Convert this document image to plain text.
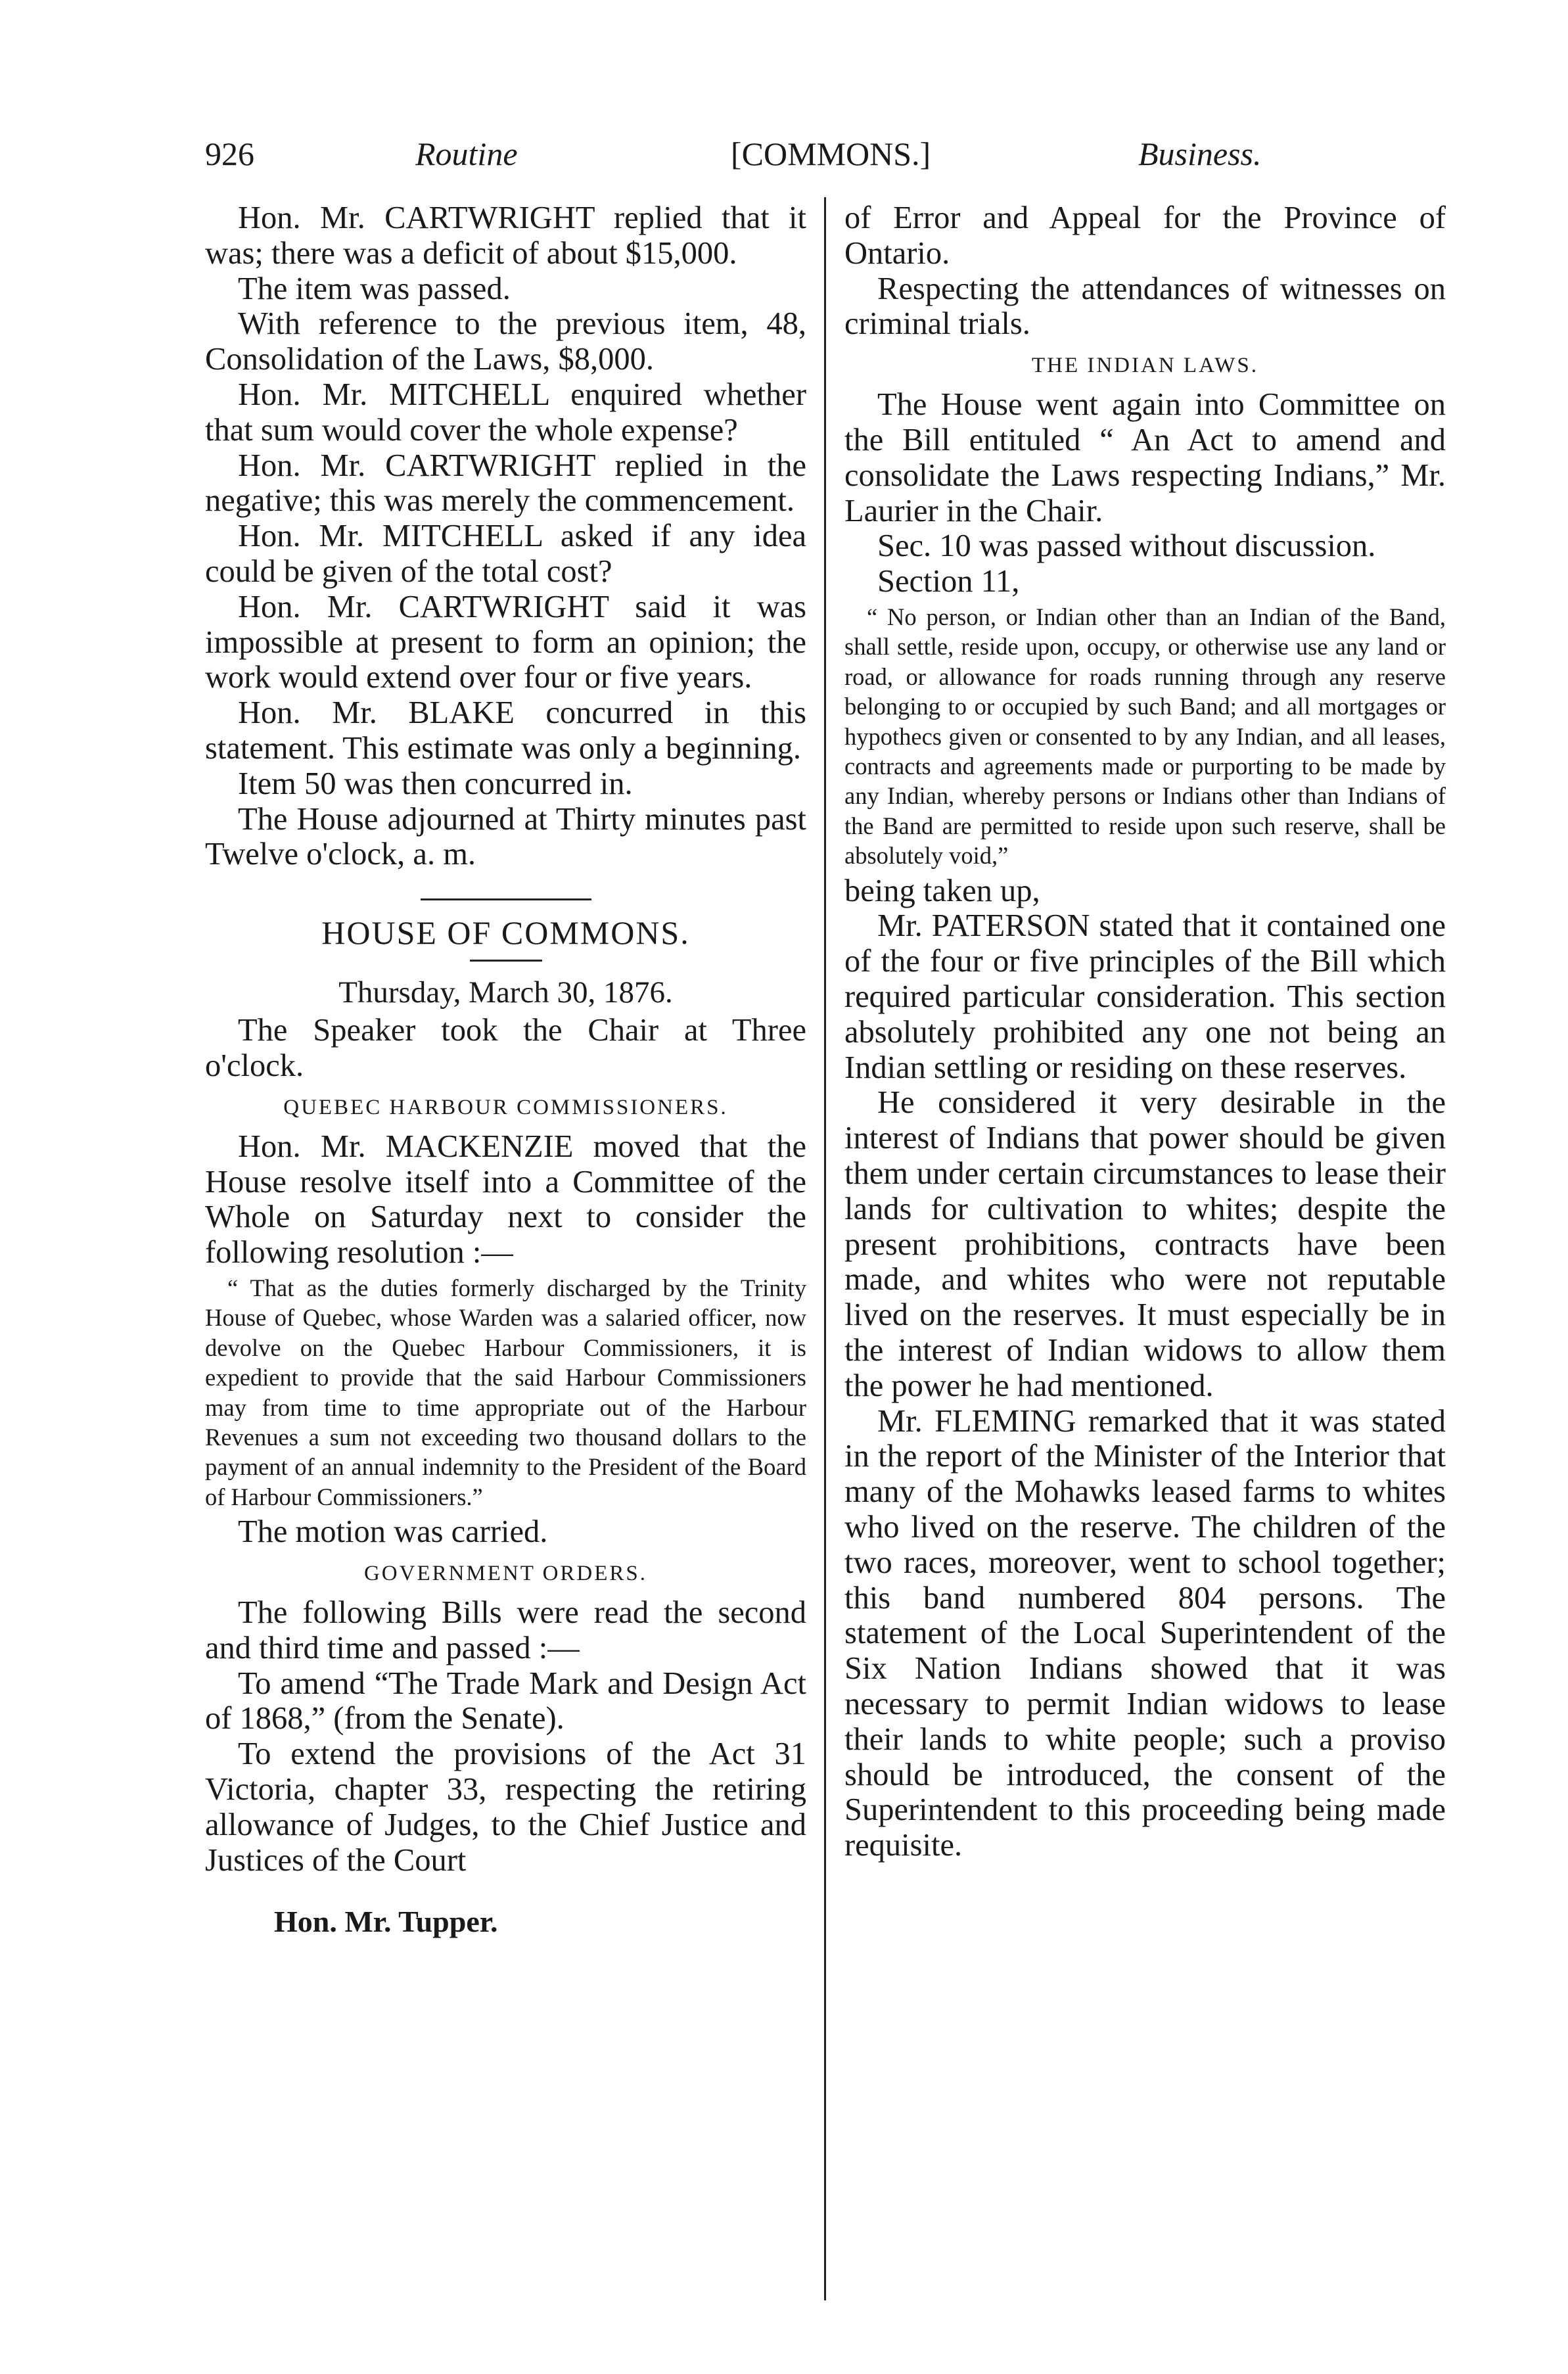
926	Routine	[COMMONS.]	Business.

Hon. Mr. CARTWRIGHT replied that it was; there was a deficit of about $15,000.

The item was passed.

With reference to the previous item, 48, Consolidation of the Laws, $8,000.

Hon. Mr. MITCHELL enquired whether that sum would cover the whole expense?

Hon. Mr. CARTWRIGHT replied in the negative; this was merely the commencement.

Hon. Mr. MITCHELL asked if any idea could be given of the total cost?

Hon. Mr. CARTWRIGHT said it was impossible at present to form an opinion; the work would extend over four or five years.

Hon. Mr. BLAKE concurred in this statement. This estimate was only a beginning.

Item 50 was then concurred in.

The House adjourned at Thirty minutes past Twelve o'clock, a. m.

HOUSE OF COMMONS.
Thursday, March 30, 1876.

The Speaker took the Chair at Three o'clock.

QUEBEC HARBOUR COMMISSIONERS.

Hon. Mr. MACKENZIE moved that the House resolve itself into a Committee of the Whole on Saturday next to consider the following resolution :—

“ That as the duties formerly discharged by the Trinity House of Quebec, whose Warden was a salaried officer, now devolve on the Quebec Harbour Commissioners, it is expedient to provide that the said Harbour Commissioners may from time to time appropriate out of the Harbour Revenues a sum not exceeding two thousand dollars to the payment of an annual indemnity to the President of the Board of Harbour Commissioners.”

The motion was carried.

GOVERNMENT ORDERS.

The following Bills were read the second and third time and passed :—

To amend “The Trade Mark and Design Act of 1868,” (from the Senate).

To extend the provisions of the Act 31 Victoria, chapter 33, respecting the retiring allowance of Judges, to the Chief Justice and Justices of the Court

Hon. Mr. Tupper.

of Error and Appeal for the Province of Ontario.

Respecting the attendances of witnesses on criminal trials.

THE INDIAN LAWS.

The House went again into Committee on the Bill entituled “ An Act to amend and consolidate the Laws respecting Indians,” Mr. Laurier in the Chair.

Sec. 10 was passed without discussion.

Section 11,

“ No person, or Indian other than an Indian of the Band, shall settle, reside upon, occupy, or otherwise use any land or road, or allowance for roads running through any reserve belonging to or occupied by such Band; and all mortgages or hypothecs given or consented to by any Indian, and all leases, contracts and agreements made or purporting to be made by any Indian, whereby persons or Indians other than Indians of the Band are permitted to reside upon such reserve, shall be absolutely void,”

being taken up,

Mr. PATERSON stated that it contained one of the four or five principles of the Bill which required particular consideration. This section absolutely prohibited any one not being an Indian settling or residing on these reserves.

He considered it very desirable in the interest of Indians that power should be given them under certain circumstances to lease their lands for cultivation to whites; despite the present prohibitions, contracts have been made, and whites who were not reputable lived on the reserves. It must especially be in the interest of Indian widows to allow them the power he had mentioned.

Mr. FLEMING remarked that it was stated in the report of the Minister of the Interior that many of the Mohawks leased farms to whites who lived on the reserve. The children of the two races, moreover, went to school together; this band numbered 804 persons. The statement of the Local Superintendent of the Six Nation Indians showed that it was necessary to permit Indian widows to lease their lands to white people; such a proviso should be introduced, the consent of the Superintendent to this proceeding being made requisite.
